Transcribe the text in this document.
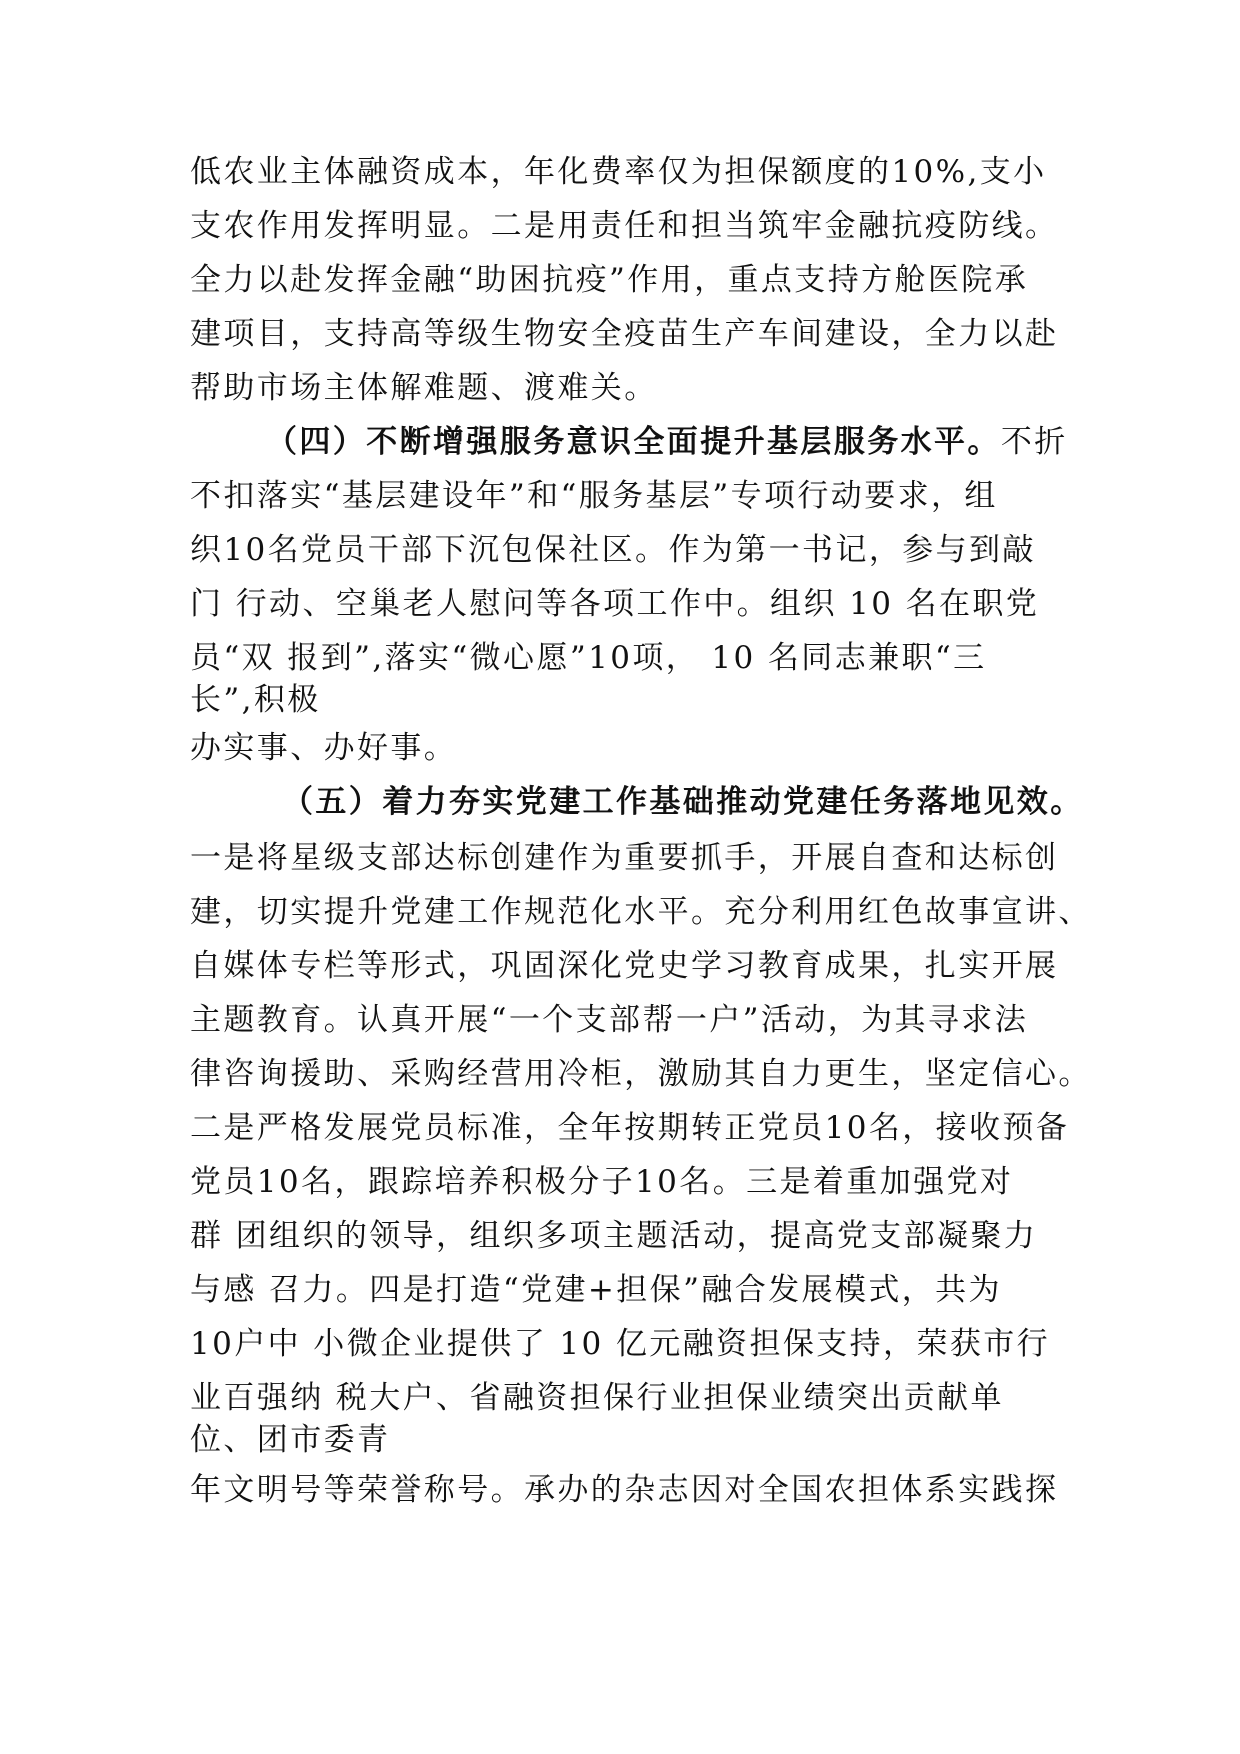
低农业主体融资成本，年化费率仅为担保额度的10%,支小
支农作用发挥明显。二是用责任和担当筑牢金融抗疫防线。
全力以赴发挥金融“助困抗疫”作用，重点支持方舱医院承
建项目，支持高等级生物安全疫苗生产车间建设，全力以赴
帮助市场主体解难题、渡难关。
（四）不断增强服务意识全面提升基层服务水平。不折
不扣落实“基层建设年”和“服务基层”专项行动要求，组
织10名党员干部下沉包保社区。作为第一书记，参与到敲
门 行动、空巢老人慰问等各项工作中。组织 10 名在职党
员“双 报到”,落实“微心愿”10项， 10 名同志兼职“三
长”,积极
办实事、办好事。
（五）着力夯实党建工作基础推动党建任务落地见效。
一是将星级支部达标创建作为重要抓手，开展自查和达标创
建，切实提升党建工作规范化水平。充分利用红色故事宣讲、
自媒体专栏等形式，巩固深化党史学习教育成果，扎实开展
主题教育。认真开展“一个支部帮一户”活动，为其寻求法
律咨询援助、采购经营用冷柜，激励其自力更生，坚定信心。
二是严格发展党员标准，全年按期转正党员10名，接收预备
党员10名，跟踪培养积极分子10名。三是着重加强党对
群 团组织的领导，组织多项主题活动，提高党支部凝聚力
与感 召力。四是打造“党建+担保”融合发展模式，共为
10户中 小微企业提供了 10 亿元融资担保支持，荣获市行
业百强纳 税大户、省融资担保行业担保业绩突出贡献单
位、团市委青
年文明号等荣誉称号。承办的杂志因对全国农担体系实践探
